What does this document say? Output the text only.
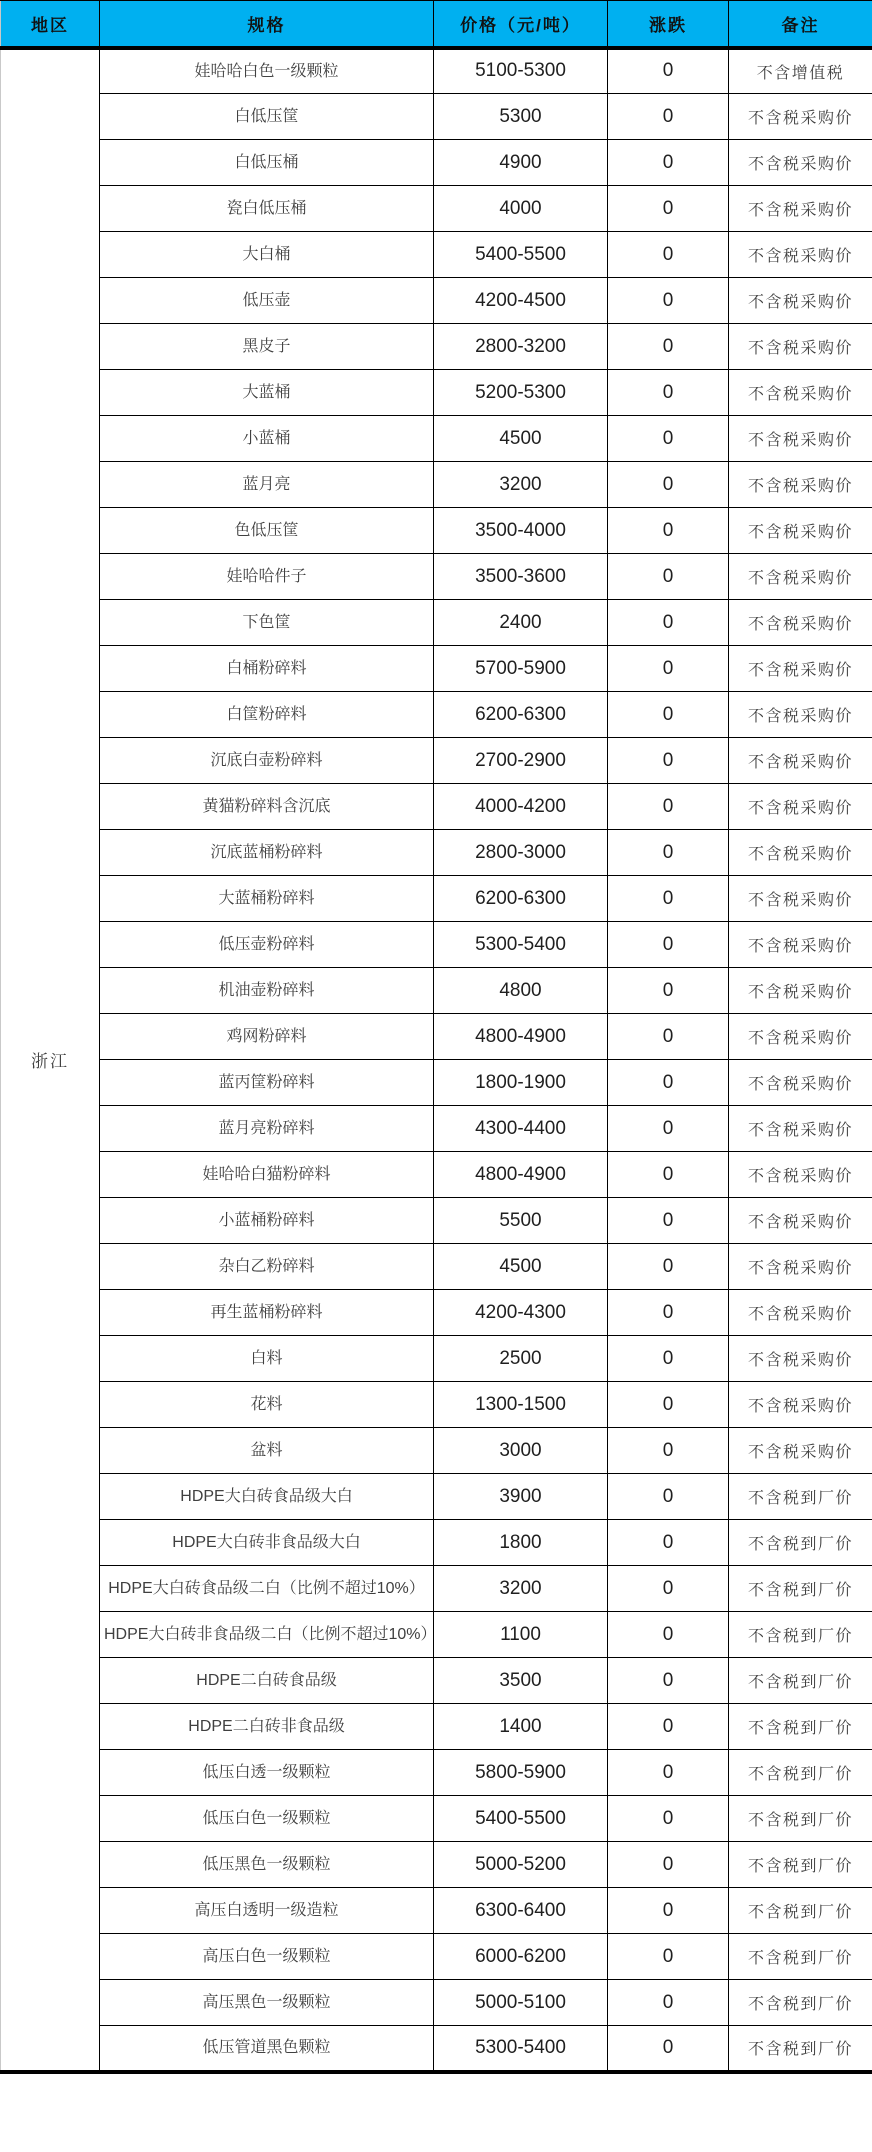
地区	规格	价格（元/吨）	涨跌	备注
浙江	娃哈哈白色一级颗粒	5100-5300	0	不含增值税
	白低压筐	5300	0	不含税采购价
	白低压桶	4900	0	不含税采购价
	瓷白低压桶	4000	0	不含税采购价
	大白桶	5400-5500	0	不含税采购价
	低压壶	4200-4500	0	不含税采购价
	黑皮子	2800-3200	0	不含税采购价
	大蓝桶	5200-5300	0	不含税采购价
	小蓝桶	4500	0	不含税采购价
	蓝月亮	3200	0	不含税采购价
	色低压筐	3500-4000	0	不含税采购价
	娃哈哈件子	3500-3600	0	不含税采购价
	下色筐	2400	0	不含税采购价
	白桶粉碎料	5700-5900	0	不含税采购价
	白筐粉碎料	6200-6300	0	不含税采购价
	沉底白壶粉碎料	2700-2900	0	不含税采购价
	黄猫粉碎料含沉底	4000-4200	0	不含税采购价
	沉底蓝桶粉碎料	2800-3000	0	不含税采购价
	大蓝桶粉碎料	6200-6300	0	不含税采购价
	低压壶粉碎料	5300-5400	0	不含税采购价
	机油壶粉碎料	4800	0	不含税采购价
	鸡网粉碎料	4800-4900	0	不含税采购价
	蓝丙筐粉碎料	1800-1900	0	不含税采购价
	蓝月亮粉碎料	4300-4400	0	不含税采购价
	娃哈哈白猫粉碎料	4800-4900	0	不含税采购价
	小蓝桶粉碎料	5500	0	不含税采购价
	杂白乙粉碎料	4500	0	不含税采购价
	再生蓝桶粉碎料	4200-4300	0	不含税采购价
	白料	2500	0	不含税采购价
	花料	1300-1500	0	不含税采购价
	盆料	3000	0	不含税采购价
	HDPE大白砖食品级大白	3900	0	不含税到厂价
	HDPE大白砖非食品级大白	1800	0	不含税到厂价
	HDPE大白砖食品级二白（比例不超过10%）	3200	0	不含税到厂价
	HDPE大白砖非食品级二白（比例不超过10%）	1100	0	不含税到厂价
	HDPE二白砖食品级	3500	0	不含税到厂价
	HDPE二白砖非食品级	1400	0	不含税到厂价
	低压白透一级颗粒	5800-5900	0	不含税到厂价
	低压白色一级颗粒	5400-5500	0	不含税到厂价
	低压黑色一级颗粒	5000-5200	0	不含税到厂价
	高压白透明一级造粒	6300-6400	0	不含税到厂价
	高压白色一级颗粒	6000-6200	0	不含税到厂价
	高压黑色一级颗粒	5000-5100	0	不含税到厂价
	低压管道黑色颗粒	5300-5400	0	不含税到厂价
